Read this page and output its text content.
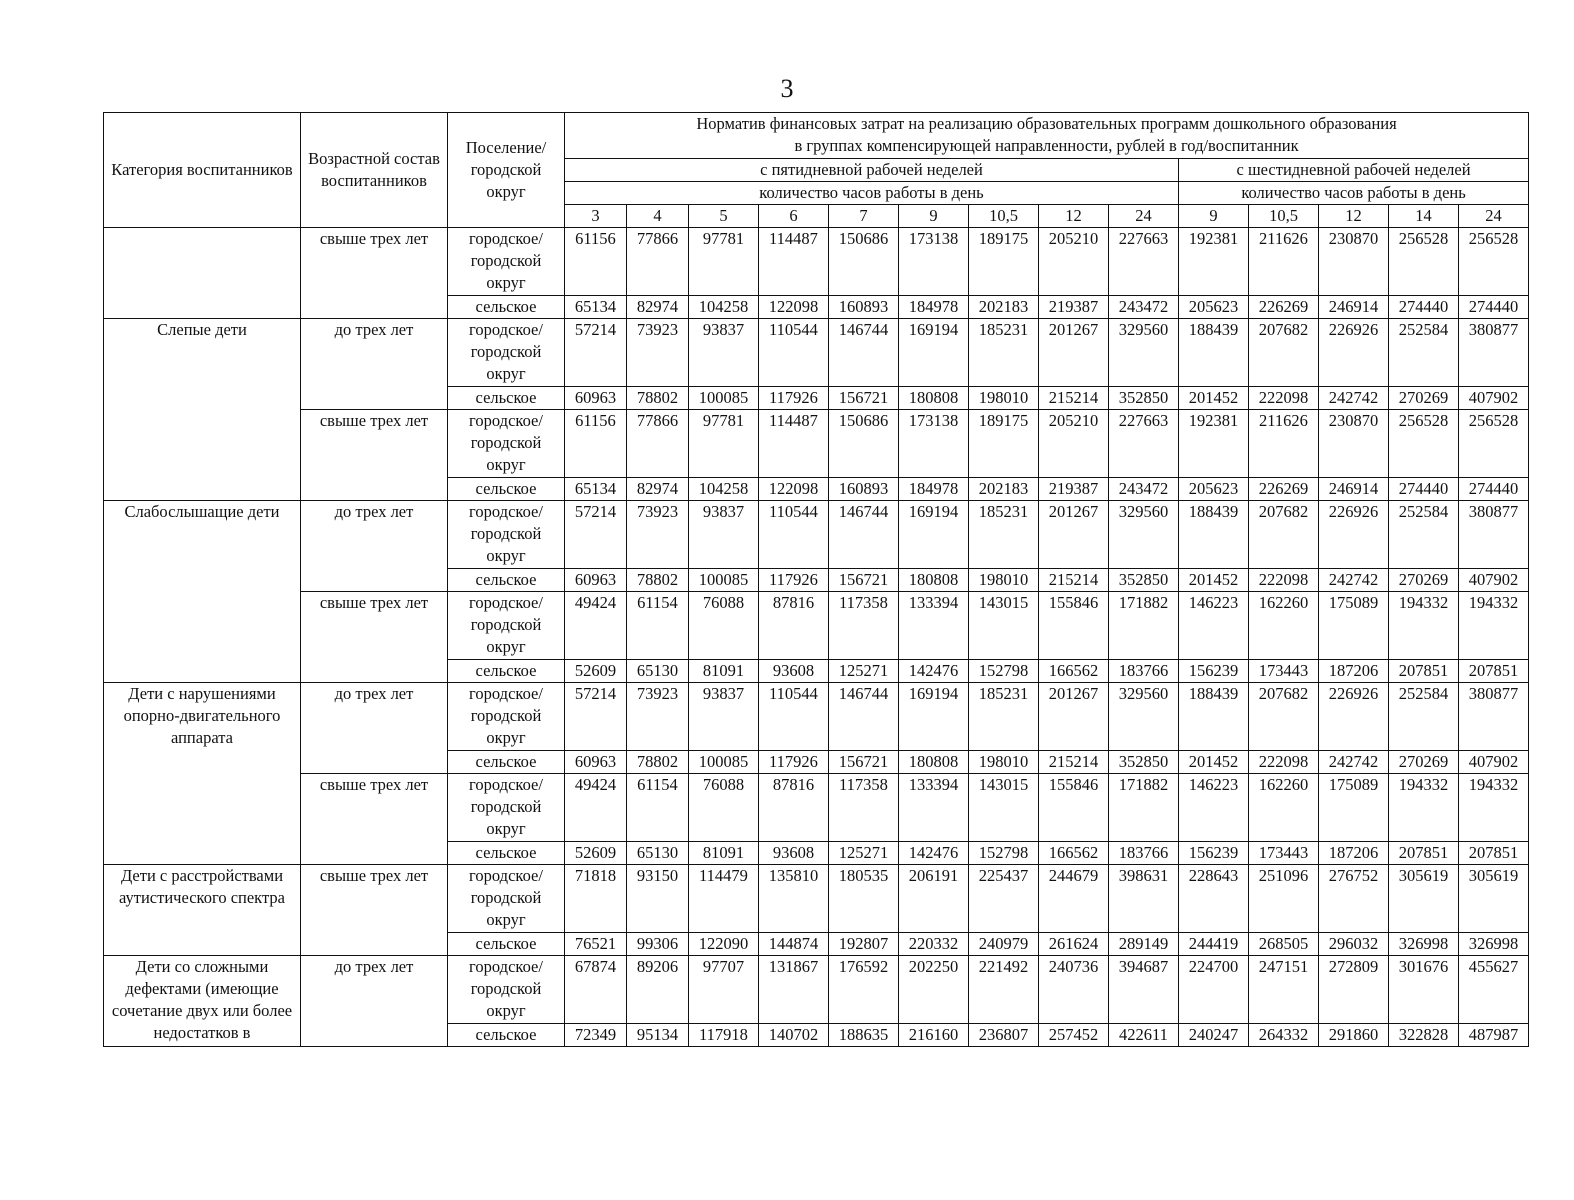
3
Категория воспитанников	Возрастной состав воспитанников	Поселение/ городской округ	Норматив финансовых затрат на реализацию образовательных программ дошкольного образования
в группах компенсирующей направленности, рублей в год/воспитанник													

			с пятидневной рабочей неделей									с шестидневной рабочей неделей				
			количество часов работы в день									количество часов работы в день				
			3	4	5	6	7	9	10,5	12	24	9	10,5	12	14	24
	свыше трех лет	городское/ городской округ	61156	77866	97781	114487	150686	173138	189175	205210	227663	192381	211626	230870	256528	256528
		сельское	65134	82974	104258	122098	160893	184978	202183	219387	243472	205623	226269	246914	274440	274440
Слепые дети	до трех лет	городское/ городской округ	57214	73923	93837	110544	146744	169194	185231	201267	329560	188439	207682	226926	252584	380877
		сельское	60963	78802	100085	117926	156721	180808	198010	215214	352850	201452	222098	242742	270269	407902
	свыше трех лет	городское/ городской округ	61156	77866	97781	114487	150686	173138	189175	205210	227663	192381	211626	230870	256528	256528
		сельское	65134	82974	104258	122098	160893	184978	202183	219387	243472	205623	226269	246914	274440	274440
Слабослышащие дети	до трех лет	городское/ городской округ	57214	73923	93837	110544	146744	169194	185231	201267	329560	188439	207682	226926	252584	380877
		сельское	60963	78802	100085	117926	156721	180808	198010	215214	352850	201452	222098	242742	270269	407902
	свыше трех лет	городское/ городской округ	49424	61154	76088	87816	117358	133394	143015	155846	171882	146223	162260	175089	194332	194332
		сельское	52609	65130	81091	93608	125271	142476	152798	166562	183766	156239	173443	187206	207851	207851
Дети с нарушениями опорно-двигательного аппарата	до трех лет	городское/ городской округ	57214	73923	93837	110544	146744	169194	185231	201267	329560	188439	207682	226926	252584	380877
		сельское	60963	78802	100085	117926	156721	180808	198010	215214	352850	201452	222098	242742	270269	407902
	свыше трех лет	городское/ городской округ	49424	61154	76088	87816	117358	133394	143015	155846	171882	146223	162260	175089	194332	194332
		сельское	52609	65130	81091	93608	125271	142476	152798	166562	183766	156239	173443	187206	207851	207851
Дети с расстройствами аутистического спектра	свыше трех лет	городское/ городской округ	71818	93150	114479	135810	180535	206191	225437	244679	398631	228643	251096	276752	305619	305619
		сельское	76521	99306	122090	144874	192807	220332	240979	261624	289149	244419	268505	296032	326998	326998
Дети со сложными дефектами (имеющие сочетание двух или более недостатков в	до трех лет	городское/ городской округ	67874	89206	97707	131867	176592	202250	221492	240736	394687	224700	247151	272809	301676	455627
		сельское	72349	95134	117918	140702	188635	216160	236807	257452	422611	240247	264332	291860	322828	487987
